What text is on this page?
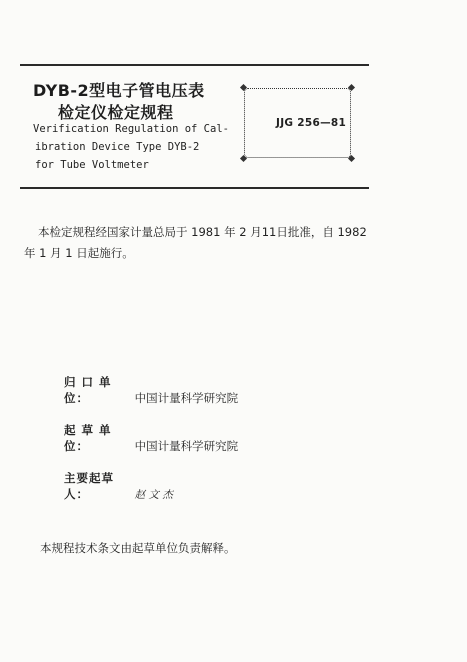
DYB-2型电子管电压表
检定仪检定规程
Verification Regulation of Cal-
ibration Device Type DYB-2
for Tube Voltmeter
JJG 256—81
本检定规程经国家计量总局于 1981 年 2 月11日批准，自 1982 年 1 月 1 日起施行。
归 口 单 位：	中国计量科学研究院
起 草 单 位：	中国计量科学研究院
主要起草人：	赵 文 杰
本规程技术条文由起草单位负责解释。
